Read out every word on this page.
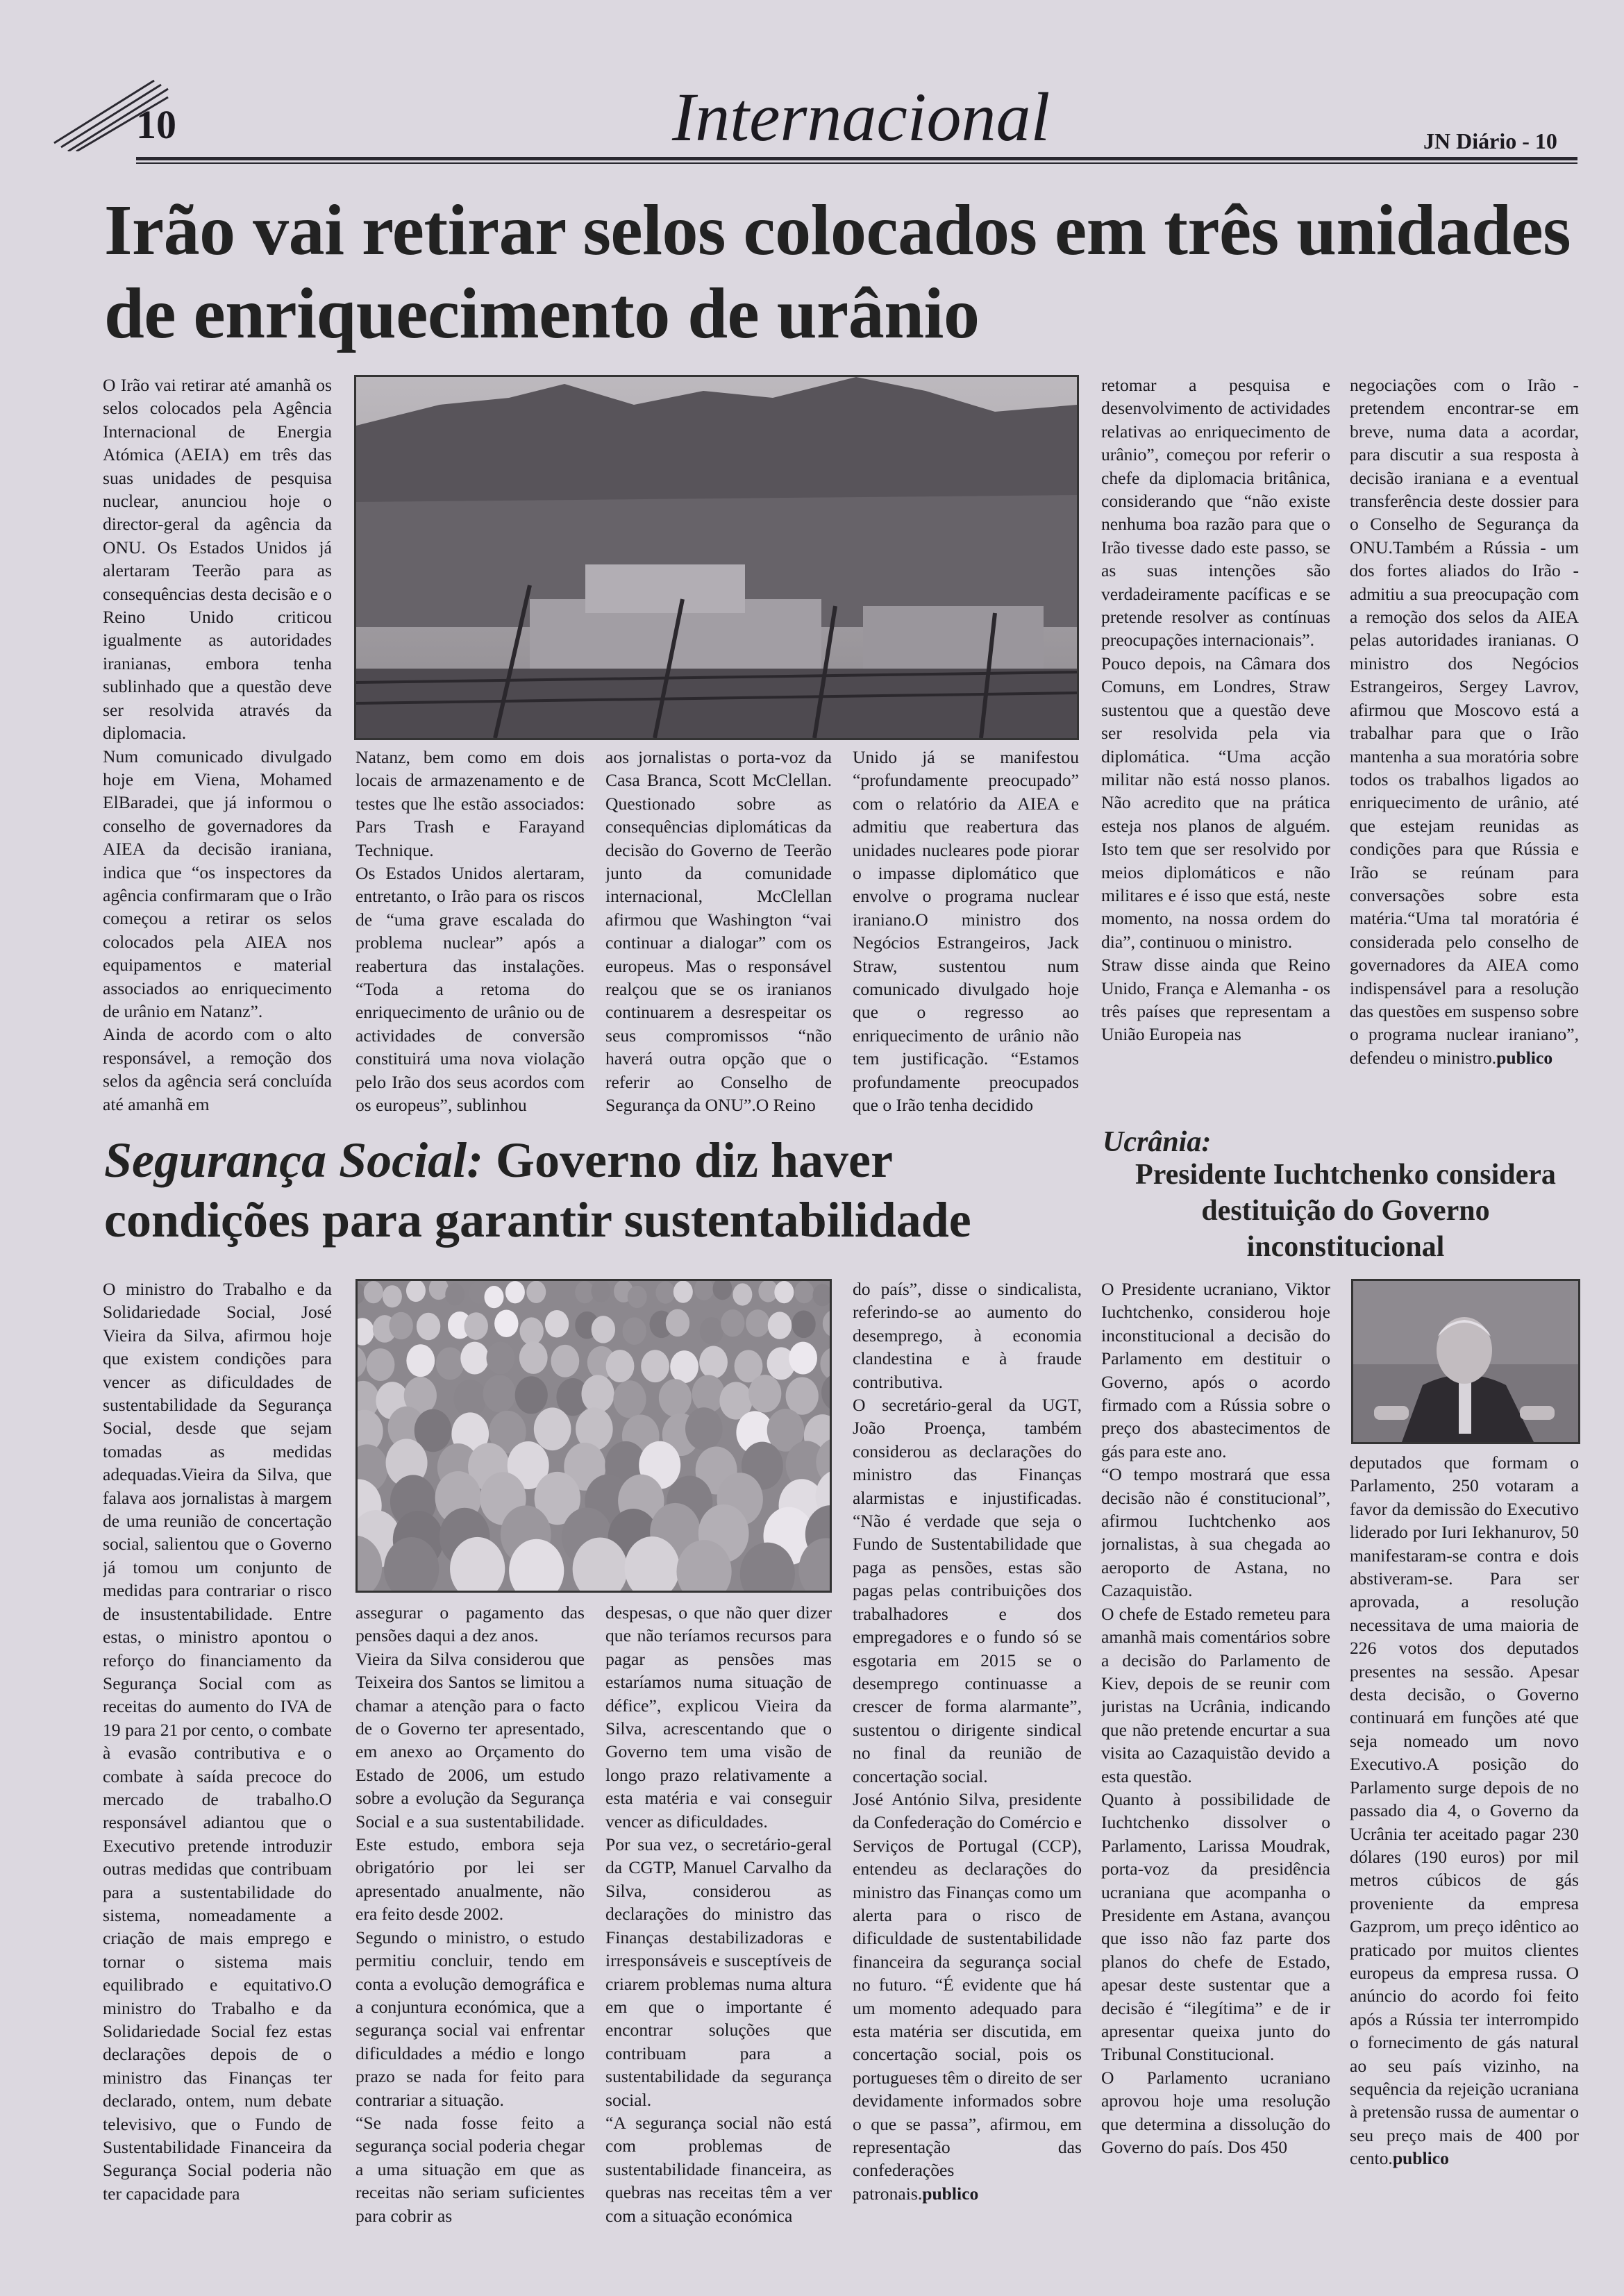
10	Internacional	JN Diário - 10
Irão vai retirar selos colocados em três unidades de enriquecimento de urânio

O Irão vai retirar até amanhã os selos colocados pela Agência Internacional de Energia Atómica (AEIA) em três das suas unidades de pesquisa nuclear, anunciou hoje o director-geral da agência da ONU. Os Estados Unidos já alertaram Teerão para as consequências desta decisão e o Reino Unido criticou igualmente as autoridades iranianas, embora tenha sublinhado que a questão deve ser resolvida através da diplomacia.

Num comunicado divulgado hoje em Viena, Mohamed ElBaradei, que já informou o conselho de governadores da AIEA da decisão iraniana, indica que “os inspectores da agência confirmaram que o Irão começou a retirar os selos colocados pela AIEA nos equipamentos e material associados ao enriquecimento de urânio em Natanz”.

Ainda de acordo com o alto responsável, a remoção dos selos da agência será concluída até amanhã em

Natanz, bem como em dois locais de armazenamento e de testes que lhe estão associados: Pars Trash e Farayand Technique.

Os Estados Unidos alertaram, entretanto, o Irão para os riscos de “uma grave escalada do problema nuclear” após a reabertura das instalações. “Toda a retoma do enriquecimento de urânio ou de actividades de conversão constituirá uma nova violação pelo Irão dos seus acordos com os europeus”, sublinhou

aos jornalistas o porta-voz da Casa Branca, Scott McClellan. Questionado sobre as consequências diplomáticas da decisão do Governo de Teerão junto da comunidade internacional, McClellan afirmou que Washington “vai continuar a dialogar” com os europeus. Mas o responsável realçou que se os iranianos continuarem a desrespeitar os seus compromissos “não haverá outra opção que o referir ao Conselho de Segurança da ONU”.O Reino

Unido já se manifestou “profundamente preocupado” com o relatório da AIEA e admitiu que reabertura das unidades nucleares pode piorar o impasse diplomático que envolve o programa nuclear iraniano.O ministro dos Negócios Estrangeiros, Jack Straw, sustentou num comunicado divulgado hoje que o regresso ao enriquecimento de urânio não tem justificação. “Estamos profundamente preocupados que o Irão tenha decidido

retomar a pesquisa e desenvolvimento de actividades relativas ao enriquecimento de urânio”, começou por referir o chefe da diplomacia britânica, considerando que “não existe nenhuma boa razão para que o Irão tivesse dado este passo, se as suas intenções são verdadeiramente pacíficas e se pretende resolver as contínuas preocupações internacionais”.

Pouco depois, na Câmara dos Comuns, em Londres, Straw sustentou que a questão deve ser resolvida pela via diplomática. “Uma acção militar não está nosso planos. Não acredito que na prática esteja nos planos de alguém. Isto tem que ser resolvido por meios diplomáticos e não militares e é isso que está, neste momento, na nossa ordem do dia”, continuou o ministro.

Straw disse ainda que Reino Unido, França e Alemanha - os três países que representam a União Europeia nas

negociações com o Irão - pretendem encontrar-se em breve, numa data a acordar, para discutir a sua resposta à decisão iraniana e a eventual transferência deste dossier para o Conselho de Segurança da ONU.Também a Rússia - um dos fortes aliados do Irão - admitiu a sua preocupação com a remoção dos selos da AIEA pelas autoridades iranianas. O ministro dos Negócios Estrangeiros, Sergey Lavrov, afirmou que Moscovo está a trabalhar para que o Irão mantenha a sua moratória sobre todos os trabalhos ligados ao enriquecimento de urânio, até que estejam reunidas as condições para que Rússia e Irão se reúnam para conversações sobre esta matéria.“Uma tal moratória é considerada pelo conselho de governadores da AIEA como indispensável para a resolução das questões em suspenso sobre o programa nuclear iraniano”, defendeu o ministro.publico

Segurança Social: Governo diz haver condições para garantir sustentabilidade

O ministro do Trabalho e da Solidariedade Social, José Vieira da Silva, afirmou hoje que existem condições para vencer as dificuldades de sustentabilidade da Segurança Social, desde que sejam tomadas as medidas adequadas.Vieira da Silva, que falava aos jornalistas à margem de uma reunião de concertação social, salientou que o Governo já tomou um conjunto de medidas para contrariar o risco de insustentabilidade. Entre estas, o ministro apontou o reforço do financiamento da Segurança Social com as receitas do aumento do IVA de 19 para 21 por cento, o combate à evasão contributiva e o combate à saída precoce do mercado de trabalho.O responsável adiantou que o Executivo pretende introduzir outras medidas que contribuam para a sustentabilidade do sistema, nomeadamente a criação de mais emprego e tornar o sistema mais equilibrado e equitativo.O ministro do Trabalho e da Solidariedade Social fez estas declarações depois de o ministro das Finanças ter declarado, ontem, num debate televisivo, que o Fundo de Sustentabilidade Financeira da Segurança Social poderia não ter capacidade para

assegurar o pagamento das pensões daqui a dez anos.

Vieira da Silva considerou que Teixeira dos Santos se limitou a chamar a atenção para o facto de o Governo ter apresentado, em anexo ao Orçamento do Estado de 2006, um estudo sobre a evolução da Segurança Social e a sua sustentabilidade. Este estudo, embora seja obrigatório por lei ser apresentado anualmente, não era feito desde 2002.

Segundo o ministro, o estudo permitiu concluir, tendo em conta a evolução demográfica e a conjuntura económica, que a segurança social vai enfrentar dificuldades a médio e longo prazo se nada for feito para contrariar a situação.

“Se nada fosse feito a segurança social poderia chegar a uma situação em que as receitas não seriam suficientes para cobrir as

despesas, o que não quer dizer que não teríamos recursos para pagar as pensões mas estaríamos numa situação de défice”, explicou Vieira da Silva, acrescentando que o Governo tem uma visão de longo prazo relativamente a esta matéria e vai conseguir vencer as dificuldades.

Por sua vez, o secretário-geral da CGTP, Manuel Carvalho da Silva, considerou as declarações do ministro das Finanças destabilizadoras e irresponsáveis e susceptíveis de criarem problemas numa altura em que o importante é encontrar soluções que contribuam para a sustentabilidade da segurança social.

“A segurança social não está com problemas de sustentabilidade financeira, as quebras nas receitas têm a ver com a situação económica

do país”, disse o sindicalista, referindo-se ao aumento do desemprego, à economia clandestina e à fraude contributiva.

O secretário-geral da UGT, João Proença, também considerou as declarações do ministro das Finanças alarmistas e injustificadas. “Não é verdade que seja o Fundo de Sustentabilidade que paga as pensões, estas são pagas pelas contribuições dos trabalhadores e dos empregadores e o fundo só se esgotaria em 2015 se o desemprego continuasse a crescer de forma alarmante”, sustentou o dirigente sindical no final da reunião de concertação social.

José António Silva, presidente da Confederação do Comércio e Serviços de Portugal (CCP), entendeu as declarações do ministro das Finanças como um alerta para o risco de dificuldade de sustentabilidade financeira da segurança social no futuro. “É evidente que há um momento adequado para esta matéria ser discutida, em concertação social, pois os portugueses têm o direito de ser devidamente informados sobre o que se passa”, afirmou, em representação das confederações patronais.publico

Ucrânia:
Presidente Iuchtchenko considera destituição do Governo inconstitucional

O Presidente ucraniano, Viktor Iuchtchenko, considerou hoje inconstitucional a decisão do Parlamento em destituir o Governo, após o acordo firmado com a Rússia sobre o preço dos abastecimentos de gás para este ano.

“O tempo mostrará que essa decisão não é constitucional”, afirmou Iuchtchenko aos jornalistas, à sua chegada ao aeroporto de Astana, no Cazaquistão.

O chefe de Estado remeteu para amanhã mais comentários sobre a decisão do Parlamento de Kiev, depois de se reunir com juristas na Ucrânia, indicando que não pretende encurtar a sua visita ao Cazaquistão devido a esta questão.

Quanto à possibilidade de Iuchtchenko dissolver o Parlamento, Larissa Moudrak, porta-voz da presidência ucraniana que acompanha o Presidente em Astana, avançou que isso não faz parte dos planos do chefe de Estado, apesar deste sustentar que a decisão é “ilegítima” e de ir apresentar queixa junto do Tribunal Constitucional.

O Parlamento ucraniano aprovou hoje uma resolução que determina a dissolução do Governo do país. Dos 450

deputados que formam o Parlamento, 250 votaram a favor da demissão do Executivo liderado por Iuri Iekhanurov, 50 manifestaram-se contra e dois abstiveram-se. Para ser aprovada, a resolução necessitava de uma maioria de 226 votos dos deputados presentes na sessão. Apesar desta decisão, o Governo continuará em funções até que seja nomeado um novo Executivo.A posição do Parlamento surge depois de no passado dia 4, o Governo da Ucrânia ter aceitado pagar 230 dólares (190 euros) por mil metros cúbicos de gás proveniente da empresa Gazprom, um preço idêntico ao praticado por muitos clientes europeus da empresa russa. O anúncio do acordo foi feito após a Rússia ter interrompido o fornecimento de gás natural ao seu país vizinho, na sequência da rejeição ucraniana à pretensão russa de aumentar o seu preço mais de 400 por cento.publico
